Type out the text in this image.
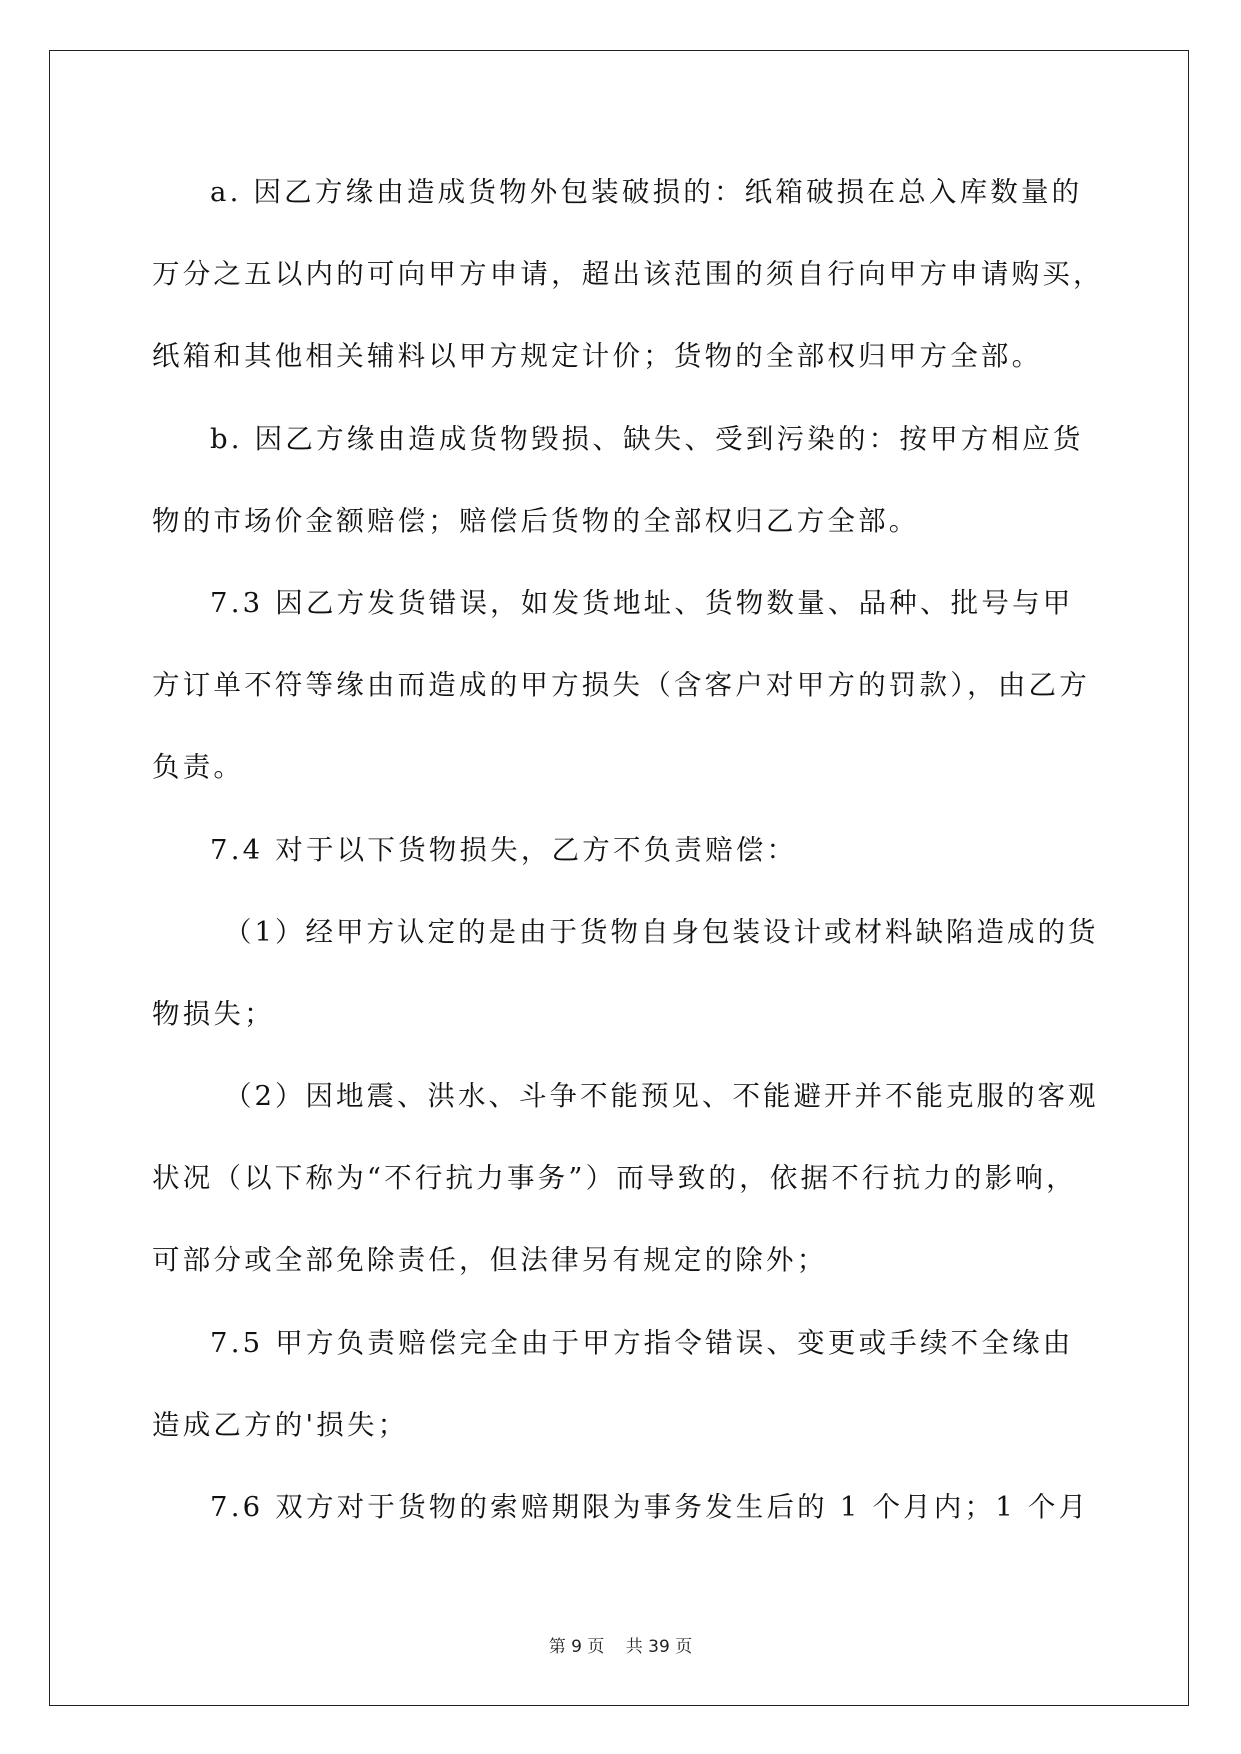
a. 因乙方缘由造成货物外包装破损的：纸箱破损在总入库数量的
万分之五以内的可向甲方申请，超出该范围的须自行向甲方申请购买，
纸箱和其他相关辅料以甲方规定计价；货物的全部权归甲方全部。
b. 因乙方缘由造成货物毁损、缺失、受到污染的：按甲方相应货
物的市场价金额赔偿；赔偿后货物的全部权归乙方全部。
7.3 因乙方发货错误，如发货地址、货物数量、品种、批号与甲
方订单不符等缘由而造成的甲方损失（含客户对甲方的罚款），由乙方
负责。
7.4 对于以下货物损失，乙方不负责赔偿：
（1）经甲方认定的是由于货物自身包装设计或材料缺陷造成的货
物损失；
（2）因地震、洪水、斗争不能预见、不能避开并不能克服的客观
状况（以下称为“不行抗力事务”）而导致的，依据不行抗力的影响，
可部分或全部免除责任，但法律另有规定的除外；
7.5 甲方负责赔偿完全由于甲方指令错误、变更或手续不全缘由
造成乙方的'损失；
7.6 双方对于货物的索赔期限为事务发生后的 1 个月内；1 个月
第 9 页 共 39 页
